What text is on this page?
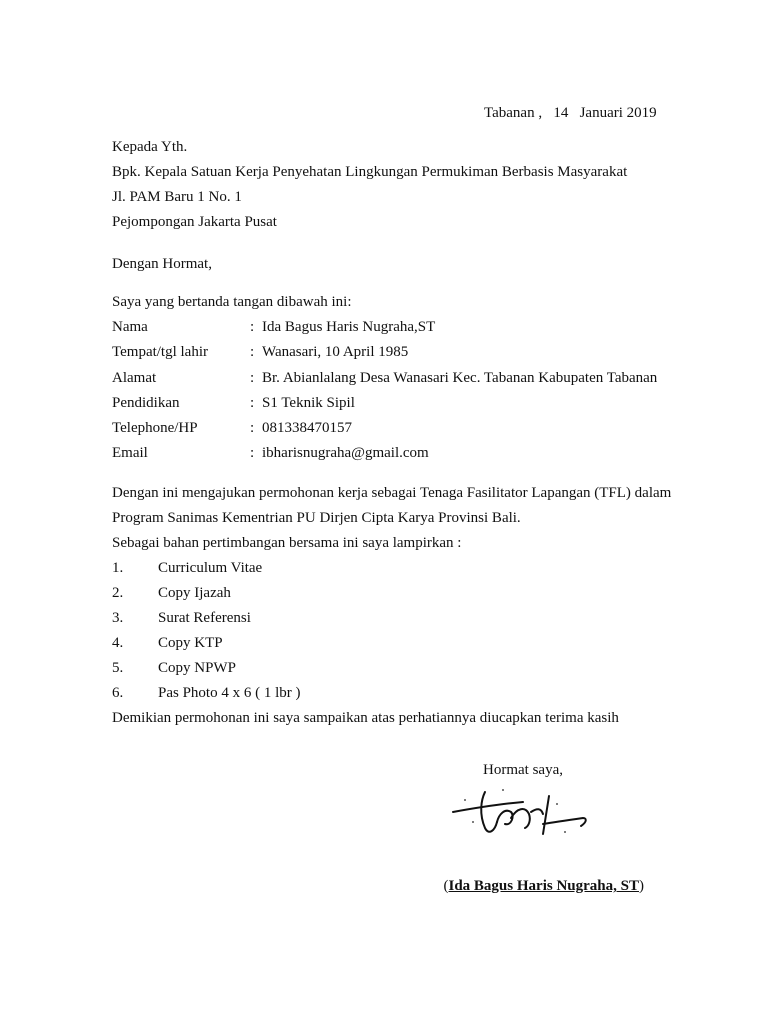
Tabanan ,   14   Januari 2019
Kepada Yth.
Bpk. Kepala Satuan Kerja Penyehatan Lingkungan Permukiman Berbasis Masyarakat
Jl. PAM Baru 1 No. 1
Pejompongan Jakarta Pusat
Dengan Hormat,
Saya yang bertanda tangan dibawah ini:
Nama	: Ida Bagus Haris Nugraha,ST
Tempat/tgl lahir	: Wanasari, 10 April 1985
Alamat	: Br. Abianlalang Desa Wanasari Kec. Tabanan Kabupaten Tabanan
Pendidikan	: S1 Teknik Sipil
Telephone/HP	: 081338470157
Email	: ibharisnugraha@gmail.com
Dengan ini mengajukan permohonan kerja sebagai Tenaga Fasilitator Lapangan (TFL) dalam
Program Sanimas Kementrian PU Dirjen Cipta Karya Provinsi Bali.
Sebagai bahan pertimbangan bersama ini saya lampirkan :
1. Curriculum Vitae
2. Copy Ijazah
3. Surat Referensi
4. Copy KTP
5. Copy NPWP
6. Pas Photo 4 x 6 ( 1 lbr )
Demikian permohonan ini saya sampaikan atas perhatiannya diucapkan terima kasih
Hormat saya,

(Ida Bagus Haris Nugraha, ST)
